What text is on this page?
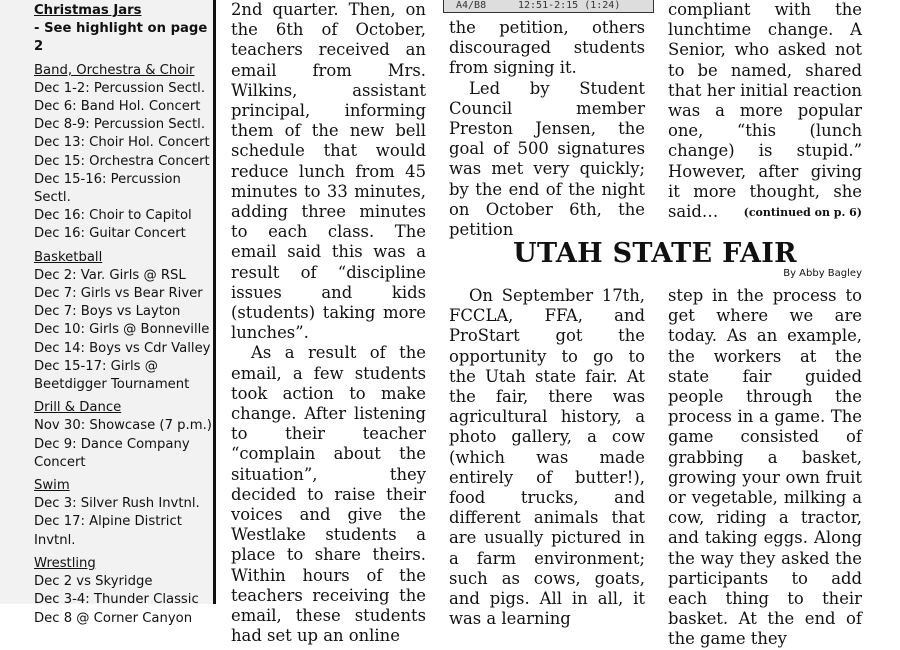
Christmas Jars
- See highlight on page 2
Band, Orchestra & Choir
Dec 1-2: Percussion Sectl.
Dec 6: Band Hol. Concert
Dec 8-9: Percussion Sectl.
Dec 13: Choir Hol. Concert
Dec 15: Orchestra Concert
Dec 15-16: Percussion Sectl.
Dec 16: Choir to Capitol
Dec 16: Guitar Concert
Basketball
Dec 2: Var. Girls @ RSL
Dec 7: Girls vs Bear River
Dec 7: Boys vs Layton
Dec 10: Girls @ Bonneville
Dec 14: Boys vs Cdr Valley
Dec 15-17: Girls @ Beetdigger Tournament
Drill & Dance
Nov 30: Showcase (7 p.m.)
Dec 9: Dance Company Concert
Swim
Dec 3: Silver Rush Invtnl.
Dec 17: Alpine District Invtnl.
Wrestling
Dec 2 vs Skyridge
Dec 3-4: Thunder Classic
Dec 8 @ Corner Canyon

2nd quarter. Then, on the 6th of October, teachers received an email from Mrs. Wilkins, assistant principal, informing them of the new bell schedule that would reduce lunch from 45 minutes to 33 minutes, adding three minutes to each class. The email said this was a result of “discipline issues and kids (students) taking more lunches”.

As a result of the email, a few students took action to make change. After listening to their teacher “complain about the situation”, they decided to raise their voices and give the Westlake students a place to share theirs. Within hours of the teachers receiving the email, these students had set up an online

A4/B8	12:51-2:15 (1:24)

the petition, others discouraged students from signing it.

Led by Student Council member Preston Jensen, the goal of 500 signatures was met very quickly; by the end of the night on October 6th, the petition

compliant with the lunchtime change. A Senior, who asked not to be named, shared that her initial reaction was a more popular one, “this (lunch change) is stupid.” However, after giving it more thought, she said…	(continued on p. 6)
UTAH STATE FAIR
By Abby Bagley
On September 17th, FCCLA, FFA, and ProStart got the opportunity to go to the Utah state fair. At the fair, there was agricultural history, a photo gallery, a cow (which was made entirely of butter!), food trucks, and different animals that are usually pictured in a farm environment; such as cows, goats, and pigs. All in all, it was a learning
step in the process to get where we are today. As an example, the workers at the state fair guided people through the process in a game. The game consisted of grabbing a basket, growing your own fruit or vegetable, milking a cow, riding a tractor, and taking eggs. Along the way they asked the participants to add each thing to their basket. At the end of the game they
